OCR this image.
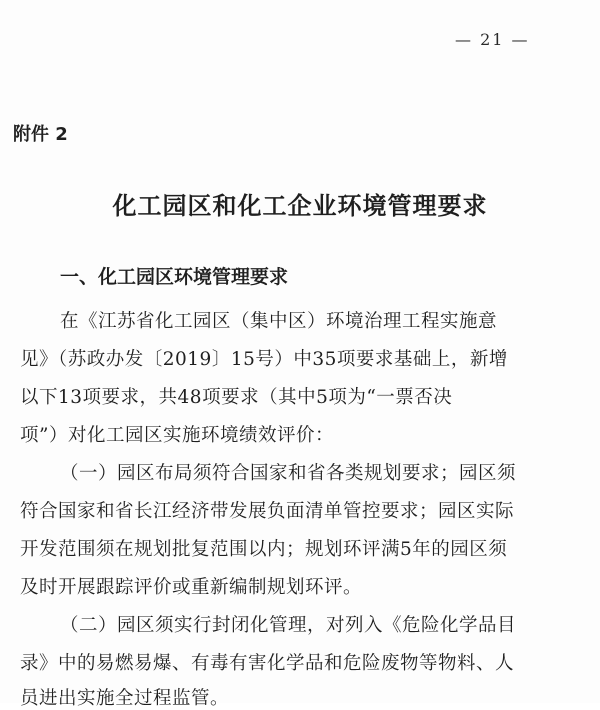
— 21 —
附件 2
化工园区和化工企业环境管理要求
一、化工园区环境管理要求
在《江苏省化工园区（集中区）环境治理工程实施意
见》（苏政办发〔2019〕15号）中35项要求基础上，新增
以下13项要求，共48项要求（其中5项为“一票否决
项”）对化工园区实施环境绩效评价：
（一）园区布局须符合国家和省各类规划要求；园区须
符合国家和省长江经济带发展负面清单管控要求；园区实际
开发范围须在规划批复范围以内；规划环评满5年的园区须
及时开展跟踪评价或重新编制规划环评。
（二）园区须实行封闭化管理，对列入《危险化学品目
录》中的易燃易爆、有毒有害化学品和危险废物等物料、人
员进出实施全过程监管。
